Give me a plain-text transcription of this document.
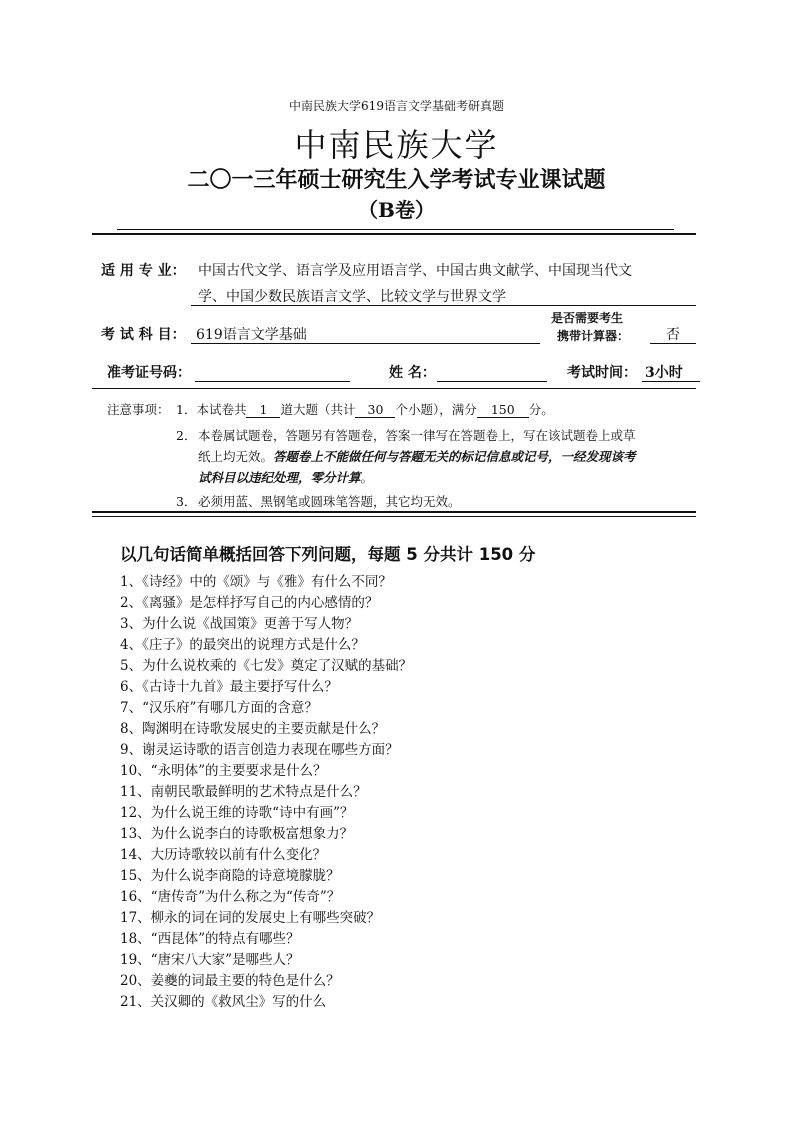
中南民族大学619语言文学基础考研真题
中南民族大学
二〇一三年硕士研究生入学考试专业课试题
（B卷）
适 用 专 业： 中国古代文学、语言学及应用语言学、中国古典文献学、中国现当代文
学、中国少数民族语言文学、比较文学与世界文学
考 试 科 目： 619语言文学基础
是否需要考生
携带计算器：	否
准考证号码：	姓 名：	考试时间： 3小时
注意事项： 1．本试卷共 1 道大题（共计 30 个小题），满分 150 分。
2． 本卷属试题卷，答题另有答题卷，答案一律写在答题卷上，写在该试题卷上或草
纸上均无效。答题卷上不能做任何与答题无关的标记信息或记号，一经发现该考
试科目以违纪处理，零分计算。
3． 必须用蓝、黑钢笔或圆珠笔答题，其它均无效。
以几句话简单概括回答下列问题，每题 5 分共计 150 分
1、《诗经》中的《颂》与《雅》有什么不同？
2、《离骚》是怎样抒写自己的内心感情的？
3、为什么说《战国策》更善于写人物？
4、《庄子》的最突出的说理方式是什么？
5、为什么说枚乘的《七发》奠定了汉赋的基础？
6、《古诗十九首》最主要抒写什么？
7、“汉乐府”有哪几方面的含意？
8、陶渊明在诗歌发展史的主要贡献是什么？
9、谢灵运诗歌的语言创造力表现在哪些方面？
10、“永明体”的主要要求是什么？
11、南朝民歌最鲜明的艺术特点是什么？
12、为什么说王维的诗歌“诗中有画”？
13、为什么说李白的诗歌极富想象力？
14、大历诗歌较以前有什么变化？
15、为什么说李商隐的诗意境朦胧？
16、“唐传奇”为什么称之为“传奇”？
17、柳永的词在词的发展史上有哪些突破？
18、“西昆体”的特点有哪些？
19、“唐宋八大家”是哪些人？
20、姜夔的词最主要的特色是什么？
21、关汉卿的《救风尘》写的什么
